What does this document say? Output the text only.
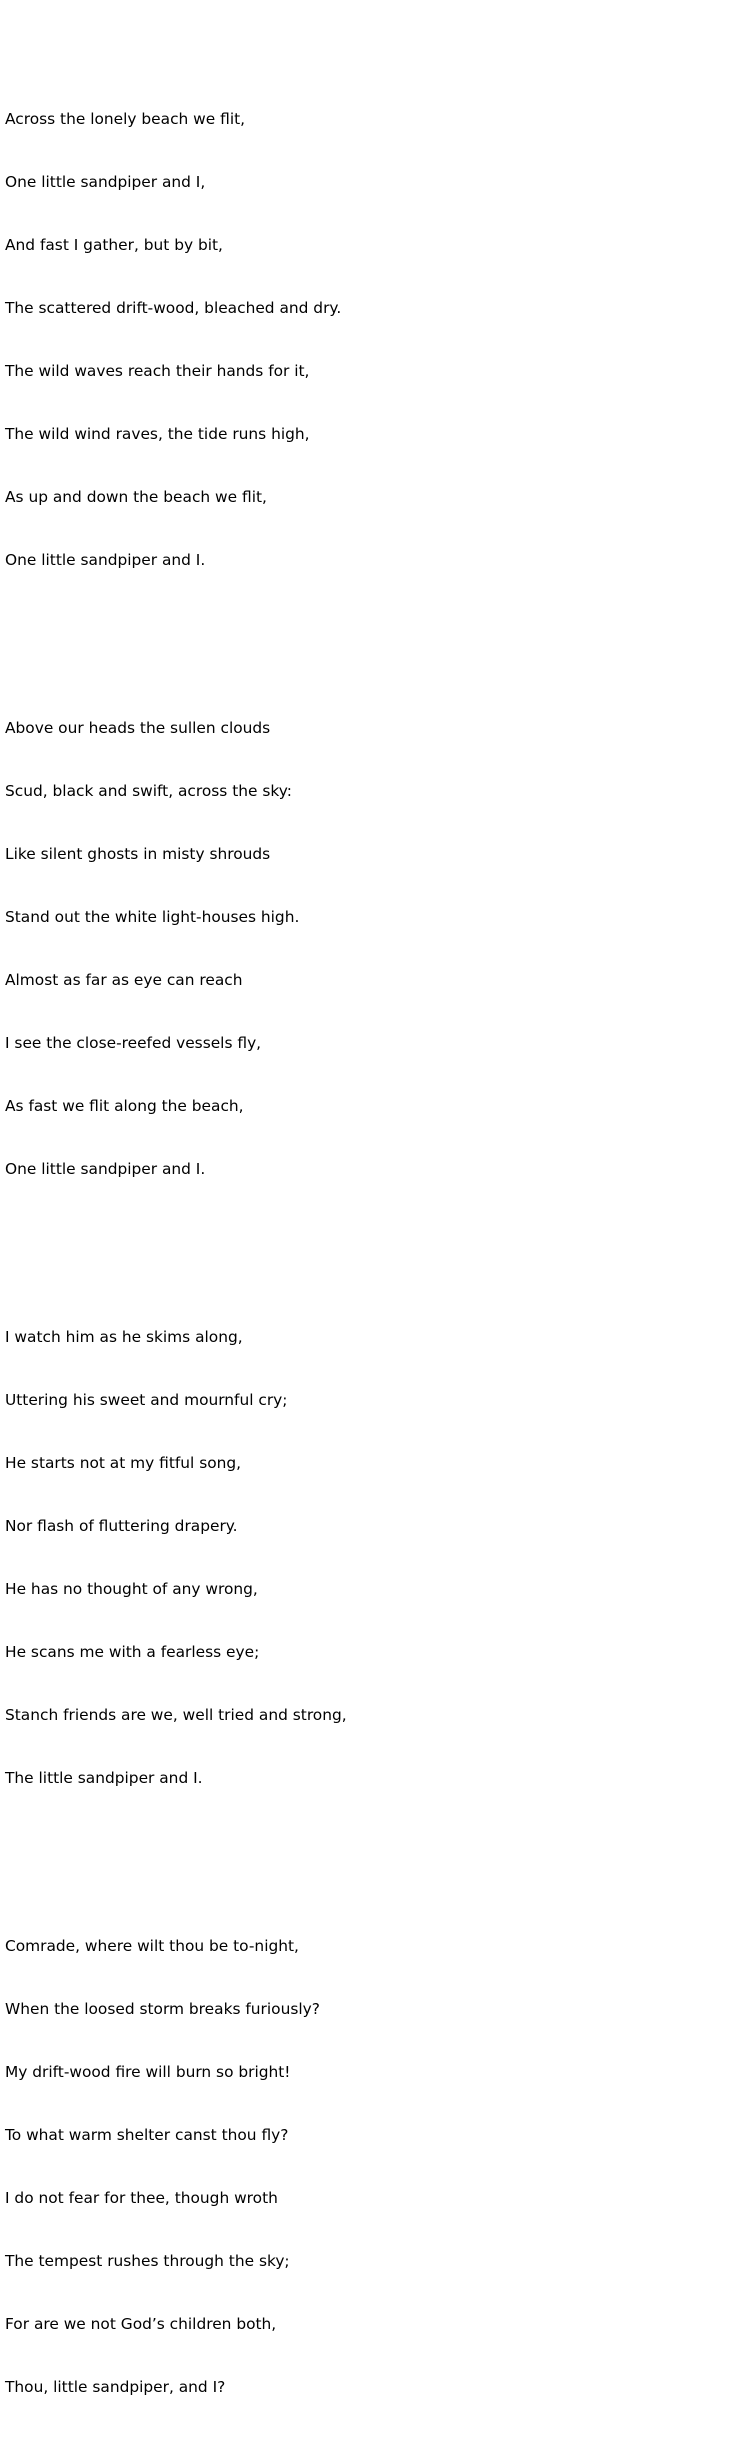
Across the lonely beach we flit,

One little sandpiper and I,

And fast I gather, but by bit,

The scattered drift-wood, bleached and dry.

The wild waves reach their hands for it,

The wild wind raves, the tide runs high,

As up and down the beach we flit,

One little sandpiper and I.

Above our heads the sullen clouds

Scud, black and swift, across the sky:

Like silent ghosts in misty shrouds

Stand out the white light-houses high.

Almost as far as eye can reach

I see the close-reefed vessels fly,

As fast we flit along the beach,

One little sandpiper and I.

I watch him as he skims along,

Uttering his sweet and mournful cry;

He starts not at my fitful song,

Nor flash of fluttering drapery.

He has no thought of any wrong,

He scans me with a fearless eye;

Stanch friends are we, well tried and strong,

The little sandpiper and I.

Comrade, where wilt thou be to-night,

When the loosed storm breaks furiously?

My drift-wood fire will burn so bright!

To what warm shelter canst thou fly?

I do not fear for thee, though wroth

The tempest rushes through the sky;

For are we not God’s children both,

Thou, little sandpiper, and I?
